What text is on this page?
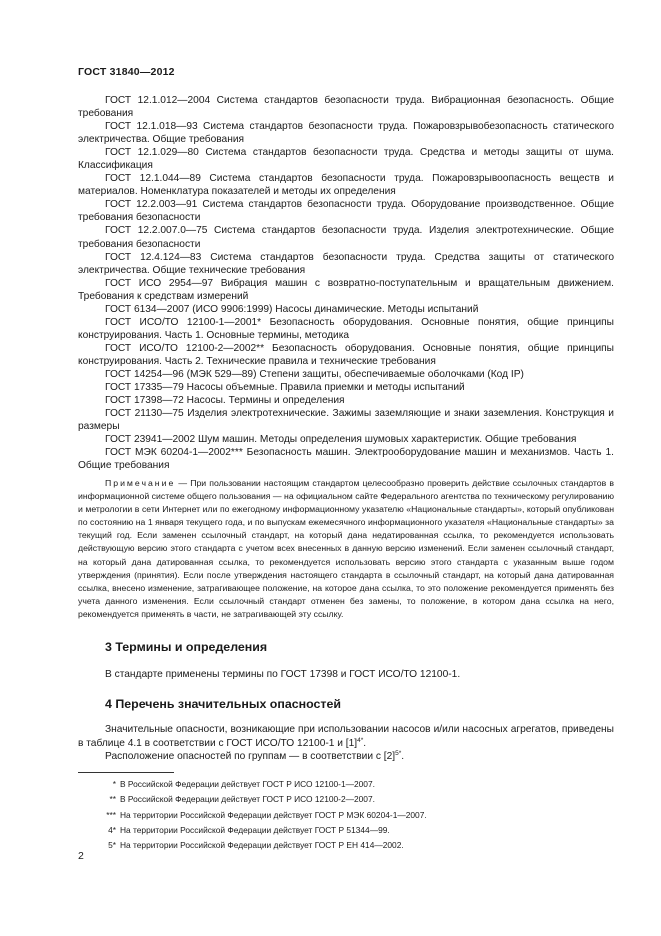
ГОСТ 31840—2012

ГОСТ 12.1.012—2004 Система стандартов безопасности труда. Вибрационная безопасность. Общие требования

ГОСТ 12.1.018—93 Система стандартов безопасности труда. Пожаровзрывобезопасность статического электричества. Общие требования

ГОСТ 12.1.029—80 Система стандартов безопасности труда. Средства и методы защиты от шума. Классификация

ГОСТ 12.1.044—89 Система стандартов безопасности труда. Пожаровзрывоопасность веществ и материалов. Номенклатура показателей и методы их определения

ГОСТ 12.2.003—91 Система стандартов безопасности труда. Оборудование производственное. Общие требования безопасности

ГОСТ 12.2.007.0—75 Система стандартов безопасности труда. Изделия электротехнические. Общие требования безопасности

ГОСТ 12.4.124—83 Система стандартов безопасности труда. Средства защиты от статического электричества. Общие технические требования

ГОСТ ИСО 2954—97 Вибрация машин с возвратно-поступательным и вращательным движением. Требования к средствам измерений

ГОСТ 6134—2007 (ИСО 9906:1999) Насосы динамические. Методы испытаний

ГОСТ ИСО/ТО 12100-1—2001* Безопасность оборудования. Основные понятия, общие принципы конструирования. Часть 1. Основные термины, методика

ГОСТ ИСО/ТО 12100-2—2002** Безопасность оборудования. Основные понятия, общие принципы конструирования. Часть 2. Технические правила и технические требования

ГОСТ 14254—96 (МЭК 529—89) Степени защиты, обеспечиваемые оболочками (Код IP)

ГОСТ 17335—79 Насосы объемные. Правила приемки и методы испытаний

ГОСТ 17398—72 Насосы. Термины и определения

ГОСТ 21130—75 Изделия электротехнические. Зажимы заземляющие и знаки заземления. Конструкция и размеры

ГОСТ 23941—2002 Шум машин. Методы определения шумовых характеристик. Общие требования

ГОСТ МЭК 60204-1—2002*** Безопасность машин. Электрооборудование машин и механизмов. Часть 1. Общие требования

Примечание — При пользовании настоящим стандартом целесообразно проверить действие ссылочных стандартов в информационной системе общего пользования — на официальном сайте Федерального агентства по техническому регулированию и метрологии в сети Интернет или по ежегодному информационному указателю «Национальные стандарты», который опубликован по состоянию на 1 января текущего года, и по выпускам ежемесячного информационного указателя «Национальные стандарты» за текущий год. Если заменен ссылочный стандарт, на который дана недатированная ссылка, то рекомендуется использовать действующую версию этого стандарта с учетом всех внесенных в данную версию изменений. Если заменен ссылочный стандарт, на который дана датированная ссылка, то рекомендуется использовать версию этого стандарта с указанным выше годом утверждения (принятия). Если после утверждения настоящего стандарта в ссылочный стандарт, на который дана датированная ссылка, внесено изменение, затрагивающее положение, на которое дана ссылка, то это положение рекомендуется применять без учета данного изменения. Если ссылочный стандарт отменен без замены, то положение, в котором дана ссылка на него, рекомендуется применять в части, не затрагивающей эту ссылку.

3 Термины и определения

В стандарте применены термины по ГОСТ 17398 и ГОСТ ИСО/ТО 12100-1.

4 Перечень значительных опасностей

Значительные опасности, возникающие при использовании насосов и/или насосных агрегатов, приведены в таблице 4.1 в соответствии с ГОСТ ИСО/ТО 12100-1 и $[1]^{4*}$.

Расположение опасностей по группам — в соответствии с $[2]^{5*}$.

* В Российской Федерации действует ГОСТ Р ИСО 12100-1—2007.

** В Российской Федерации действует ГОСТ Р ИСО 12100-2—2007.

*** На территории Российской Федерации действует ГОСТ Р МЭК 60204-1—2007.

4* На территории Российской Федерации действует ГОСТ Р 51344—99.

5* На территории Российской Федерации действует ГОСТ Р ЕН 414—2002.

2
